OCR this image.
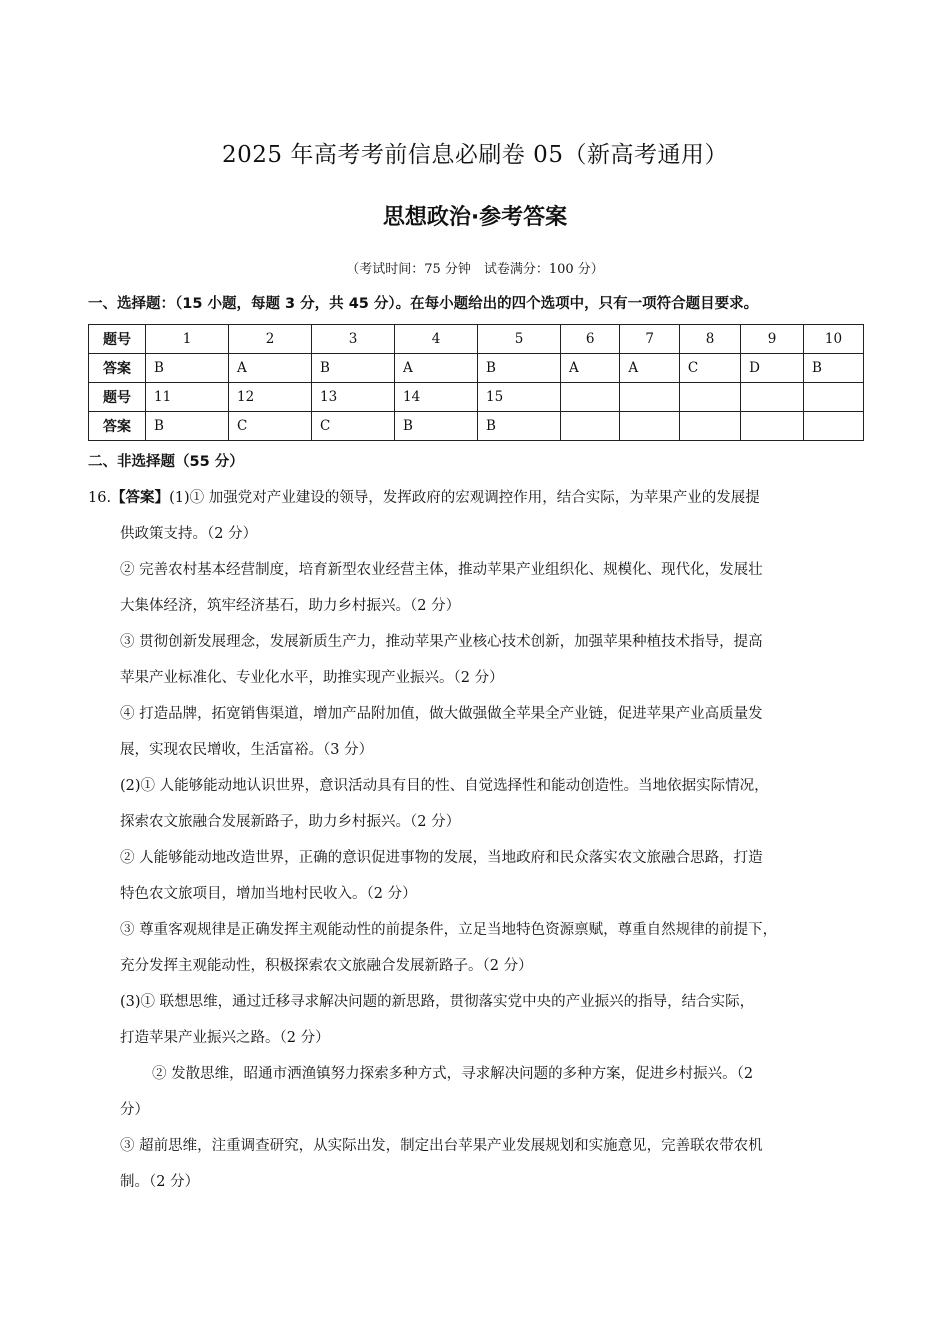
2025 年高考考前信息必刷卷 05（新高考通用）
思想政治·参考答案
（考试时间：75 分钟　试卷满分：100 分）
一、选择题：（15 小题，每题 3 分，共 45 分）。在每小题给出的四个选项中，只有一项符合题目要求。
题号	1	2	3	4	5	6	7	8	9	10
答案	B	A	B	A	B	A	A	C	D	B
题号	11	12	13	14	15					
答案	B	C	C	B	B					
二、非选择题（55 分）

16.【答案】(1)① 加强党对产业建设的领导，发挥政府的宏观调控作用，结合实际，为苹果产业的发展提

供政策支持。（2 分）

② 完善农村基本经营制度，培育新型农业经营主体，推动苹果产业组织化、规模化、现代化，发展壮

大集体经济，筑牢经济基石，助力乡村振兴。（2 分）

③ 贯彻创新发展理念，发展新质生产力，推动苹果产业核心技术创新，加强苹果种植技术指导，提高

苹果产业标准化、专业化水平，助推实现产业振兴。（2 分）

④ 打造品牌，拓宽销售渠道，增加产品附加值，做大做强做全苹果全产业链，促进苹果产业高质量发

展，实现农民增收，生活富裕。（3 分）

(2)① 人能够能动地认识世界，意识活动具有目的性、自觉选择性和能动创造性。当地依据实际情况，

探索农文旅融合发展新路子，助力乡村振兴。（2 分）

② 人能够能动地改造世界，正确的意识促进事物的发展，当地政府和民众落实农文旅融合思路，打造

特色农文旅项目，增加当地村民收入。（2 分）

③ 尊重客观规律是正确发挥主观能动性的前提条件，立足当地特色资源禀赋，尊重自然规律的前提下，

充分发挥主观能动性，积极探索农文旅融合发展新路子。（2 分）

(3)① 联想思维，通过迁移寻求解决问题的新思路，贯彻落实党中央的产业振兴的指导，结合实际，

打造苹果产业振兴之路。（2 分）

② 发散思维，昭通市洒渔镇努力探索多种方式，寻求解决问题的多种方案，促进乡村振兴。（2

分）

③ 超前思维，注重调查研究，从实际出发，制定出台苹果产业发展规划和实施意见，完善联农带农机

制。（2 分）
